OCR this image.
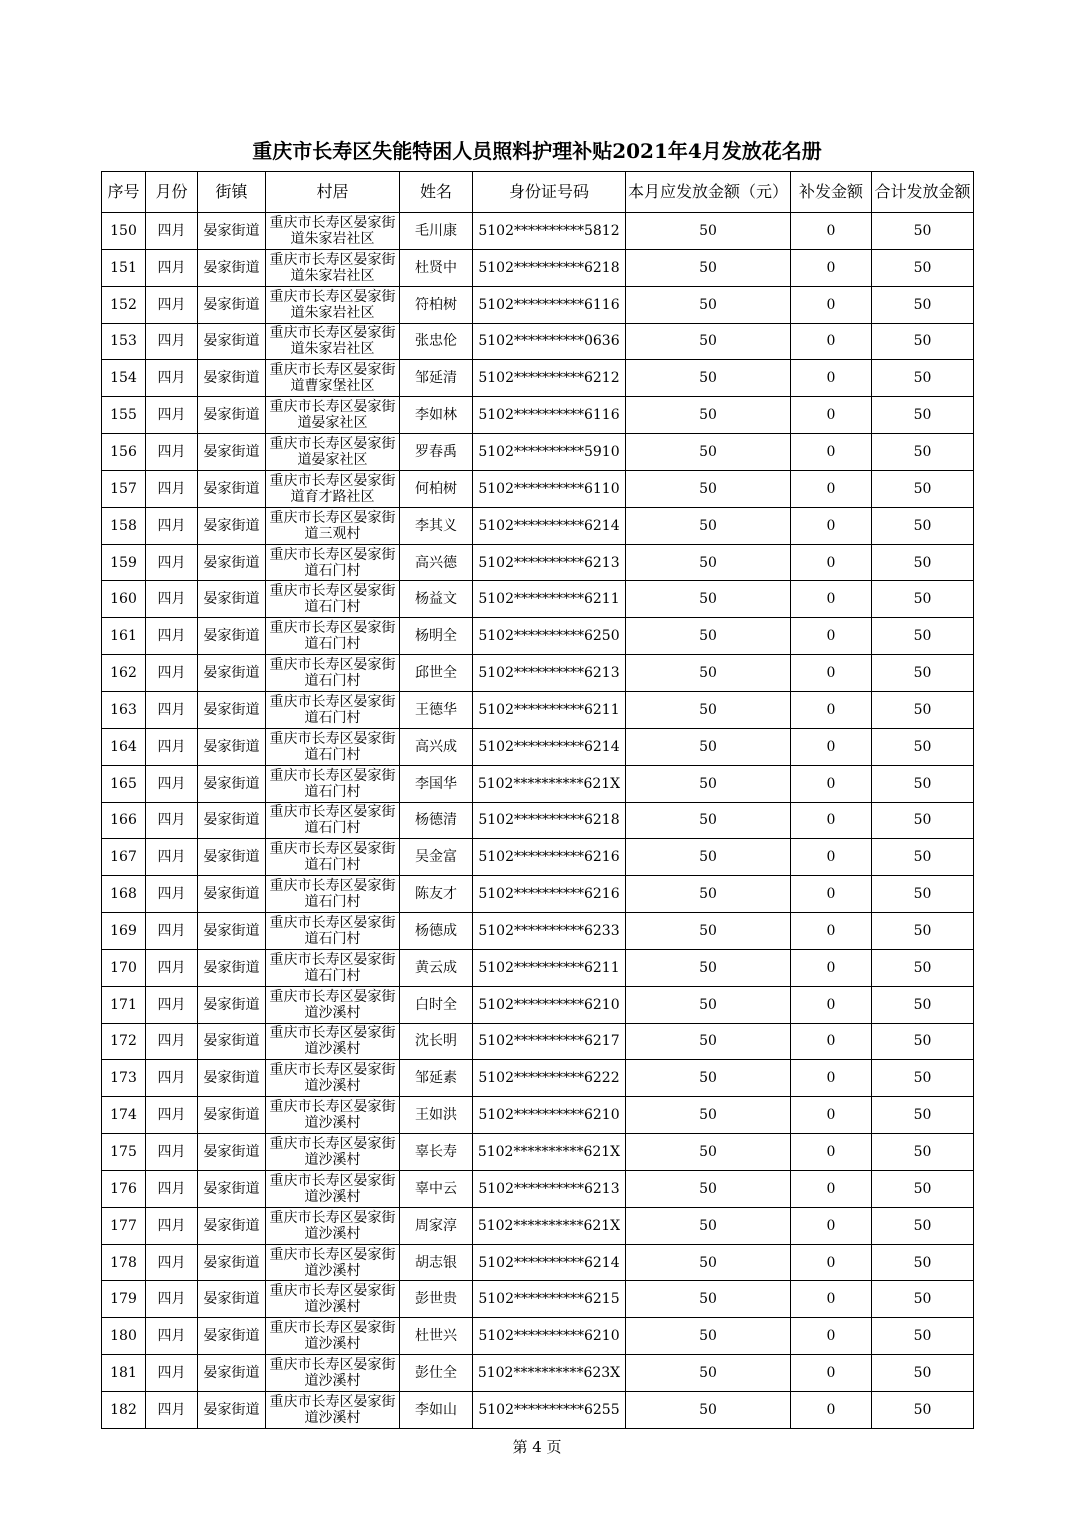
重庆市长寿区失能特困人员照料护理补贴2021年4月发放花名册
序号	月份	街镇	村居	姓名	身份证号码	本月应发放金额（元）	补发金额	合计发放金额
150	四月	晏家街道	重庆市长寿区晏家街道朱家岩社区	毛川康	5102**********5812	50	0	50
151	四月	晏家街道	重庆市长寿区晏家街道朱家岩社区	杜贤中	5102**********6218	50	0	50
152	四月	晏家街道	重庆市长寿区晏家街道朱家岩社区	符柏树	5102**********6116	50	0	50
153	四月	晏家街道	重庆市长寿区晏家街道朱家岩社区	张忠伦	5102**********0636	50	0	50
154	四月	晏家街道	重庆市长寿区晏家街道曹家堡社区	邹延清	5102**********6212	50	0	50
155	四月	晏家街道	重庆市长寿区晏家街道晏家社区	李如林	5102**********6116	50	0	50
156	四月	晏家街道	重庆市长寿区晏家街道晏家社区	罗春禹	5102**********5910	50	0	50
157	四月	晏家街道	重庆市长寿区晏家街道育才路社区	何柏树	5102**********6110	50	0	50
158	四月	晏家街道	重庆市长寿区晏家街道三观村	李其义	5102**********6214	50	0	50
159	四月	晏家街道	重庆市长寿区晏家街道石门村	高兴德	5102**********6213	50	0	50
160	四月	晏家街道	重庆市长寿区晏家街道石门村	杨益文	5102**********6211	50	0	50
161	四月	晏家街道	重庆市长寿区晏家街道石门村	杨明全	5102**********6250	50	0	50
162	四月	晏家街道	重庆市长寿区晏家街道石门村	邱世全	5102**********6213	50	0	50
163	四月	晏家街道	重庆市长寿区晏家街道石门村	王德华	5102**********6211	50	0	50
164	四月	晏家街道	重庆市长寿区晏家街道石门村	高兴成	5102**********6214	50	0	50
165	四月	晏家街道	重庆市长寿区晏家街道石门村	李国华	5102**********621X	50	0	50
166	四月	晏家街道	重庆市长寿区晏家街道石门村	杨德清	5102**********6218	50	0	50
167	四月	晏家街道	重庆市长寿区晏家街道石门村	吴金富	5102**********6216	50	0	50
168	四月	晏家街道	重庆市长寿区晏家街道石门村	陈友才	5102**********6216	50	0	50
169	四月	晏家街道	重庆市长寿区晏家街道石门村	杨德成	5102**********6233	50	0	50
170	四月	晏家街道	重庆市长寿区晏家街道石门村	黄云成	5102**********6211	50	0	50
171	四月	晏家街道	重庆市长寿区晏家街道沙溪村	白时全	5102**********6210	50	0	50
172	四月	晏家街道	重庆市长寿区晏家街道沙溪村	沈长明	5102**********6217	50	0	50
173	四月	晏家街道	重庆市长寿区晏家街道沙溪村	邹延素	5102**********6222	50	0	50
174	四月	晏家街道	重庆市长寿区晏家街道沙溪村	王如洪	5102**********6210	50	0	50
175	四月	晏家街道	重庆市长寿区晏家街道沙溪村	辜长寿	5102**********621X	50	0	50
176	四月	晏家街道	重庆市长寿区晏家街道沙溪村	辜中云	5102**********6213	50	0	50
177	四月	晏家街道	重庆市长寿区晏家街道沙溪村	周家淳	5102**********621X	50	0	50
178	四月	晏家街道	重庆市长寿区晏家街道沙溪村	胡志银	5102**********6214	50	0	50
179	四月	晏家街道	重庆市长寿区晏家街道沙溪村	彭世贵	5102**********6215	50	0	50
180	四月	晏家街道	重庆市长寿区晏家街道沙溪村	杜世兴	5102**********6210	50	0	50
181	四月	晏家街道	重庆市长寿区晏家街道沙溪村	彭仕全	5102**********623X	50	0	50
182	四月	晏家街道	重庆市长寿区晏家街道沙溪村	李如山	5102**********6255	50	0	50
第 4 页
